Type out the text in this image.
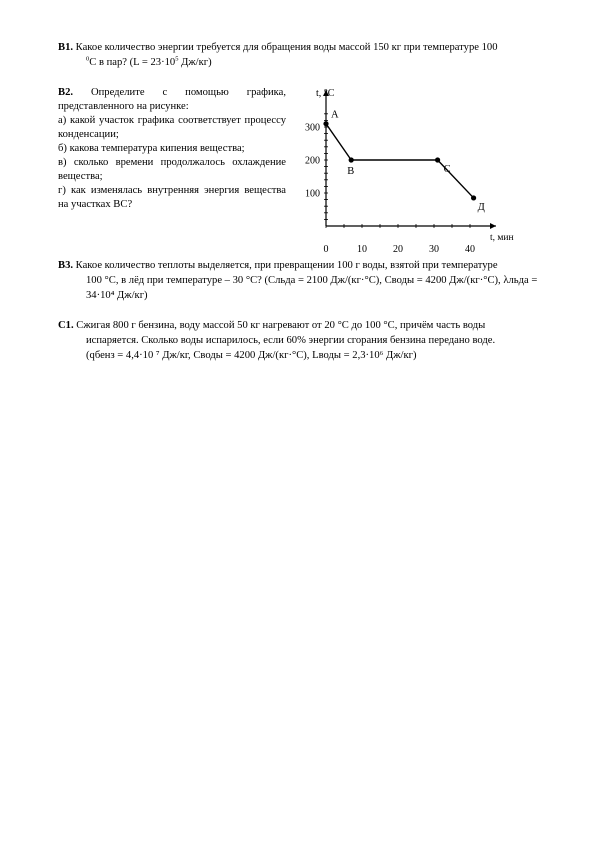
B1. Какое количество энергии требуется для обращения воды массой 150 кг при температуре 100
$^0$С в пар? ($L = 23\cdot 10^5$ Дж/кг)
B2. Определите с помощью графика, представленного на рисунке:
а) какой участок графика соответствует процессу конденсации;
б) какова температура кипения вещества;
в) сколько времени продолжалось охлаждение вещества;
г) как изменялась внутренняя энергия вещества на участках ВС?
t, мин
t, °C
0	10	20	30	40
100
200
300
A
B	C
Д
B3. Какое количество теплоты выделяется, при превращении 100 г воды, взятой при температуре
100 °С, в лёд при температуре – 30 °С? (Сльда = 2100 Дж/(кг·°С), Своды = 4200 Дж/(кг·°С), λльда =
34·10⁴ Дж/кг)
С1. Сжигая 800 г бензина, воду массой 50 кг нагревают от 20 °С до 100 °С, причём часть воды
испаряется. Сколько воды испарилось, если 60% энергии сгорания бензина передано воде.
(qбенз = 4,4·10 ⁷ Дж/кг, Своды = 4200 Дж/(кг·°С), Lводы = 2,3·10⁶ Дж/кг)
